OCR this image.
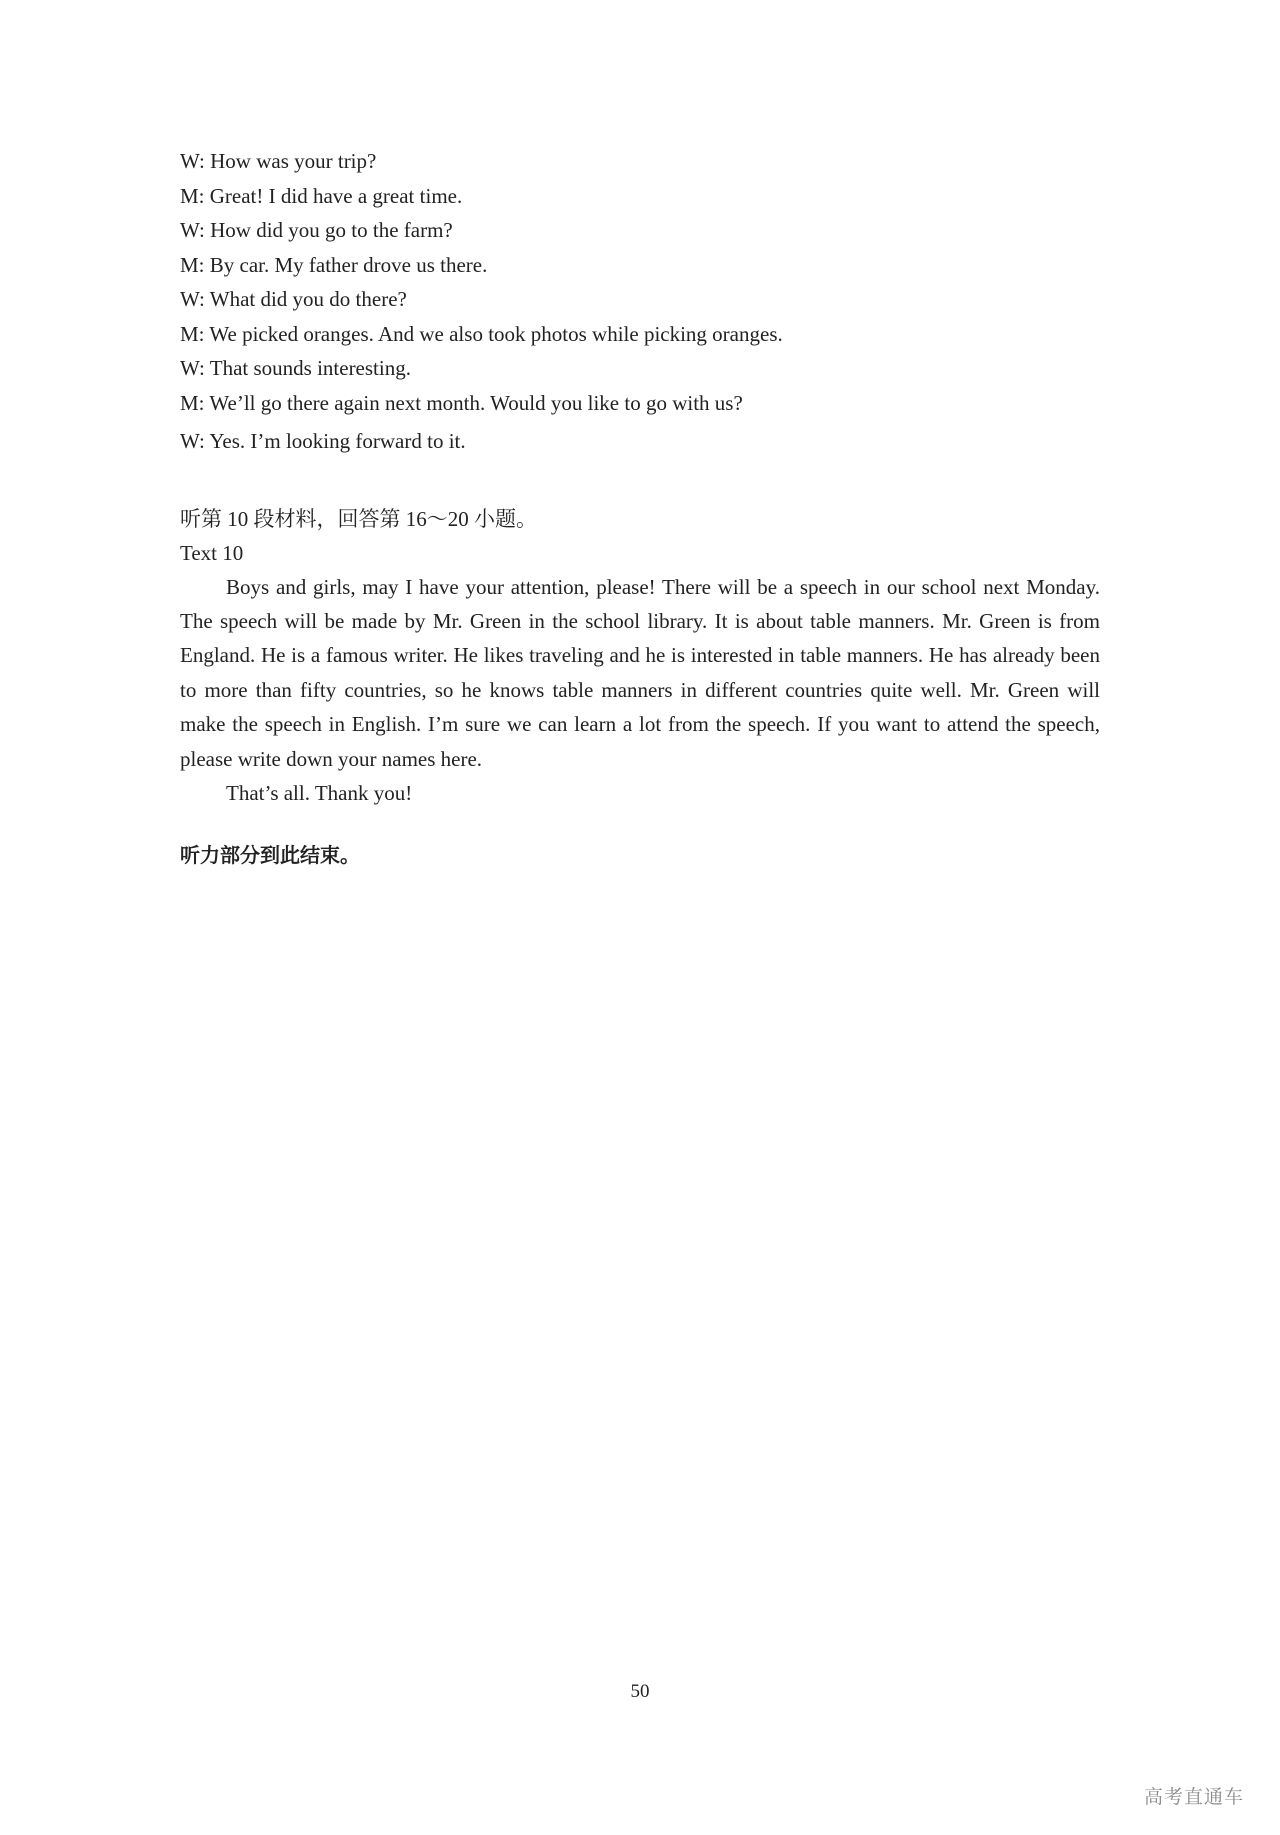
W: How was your trip?
M: Great! I did have a great time.
W: How did you go to the farm?
M: By car. My father drove us there.
W: What did you do there?
M: We picked oranges. And we also took photos while picking oranges.
W: That sounds interesting.
M: We’ll go there again next month. Would you like to go with us?
W: Yes. I’m looking forward to it.
听第 10 段材料，回答第 16～20 小题。
Text 10

Boys and girls, may I have your attention, please! There will be a speech in our school next Monday. The speech will be made by Mr. Green in the school library. It is about table manners. Mr. Green is from England. He is a famous writer. He likes traveling and he is interested in table manners. He has already been to more than fifty countries, so he knows table manners in different countries quite well. Mr. Green will make the speech in English. I’m sure we can learn a lot from the speech. If you want to attend the speech, please write down your names here.

That’s all. Thank you!

听力部分到此结束。
50
高考直通车
